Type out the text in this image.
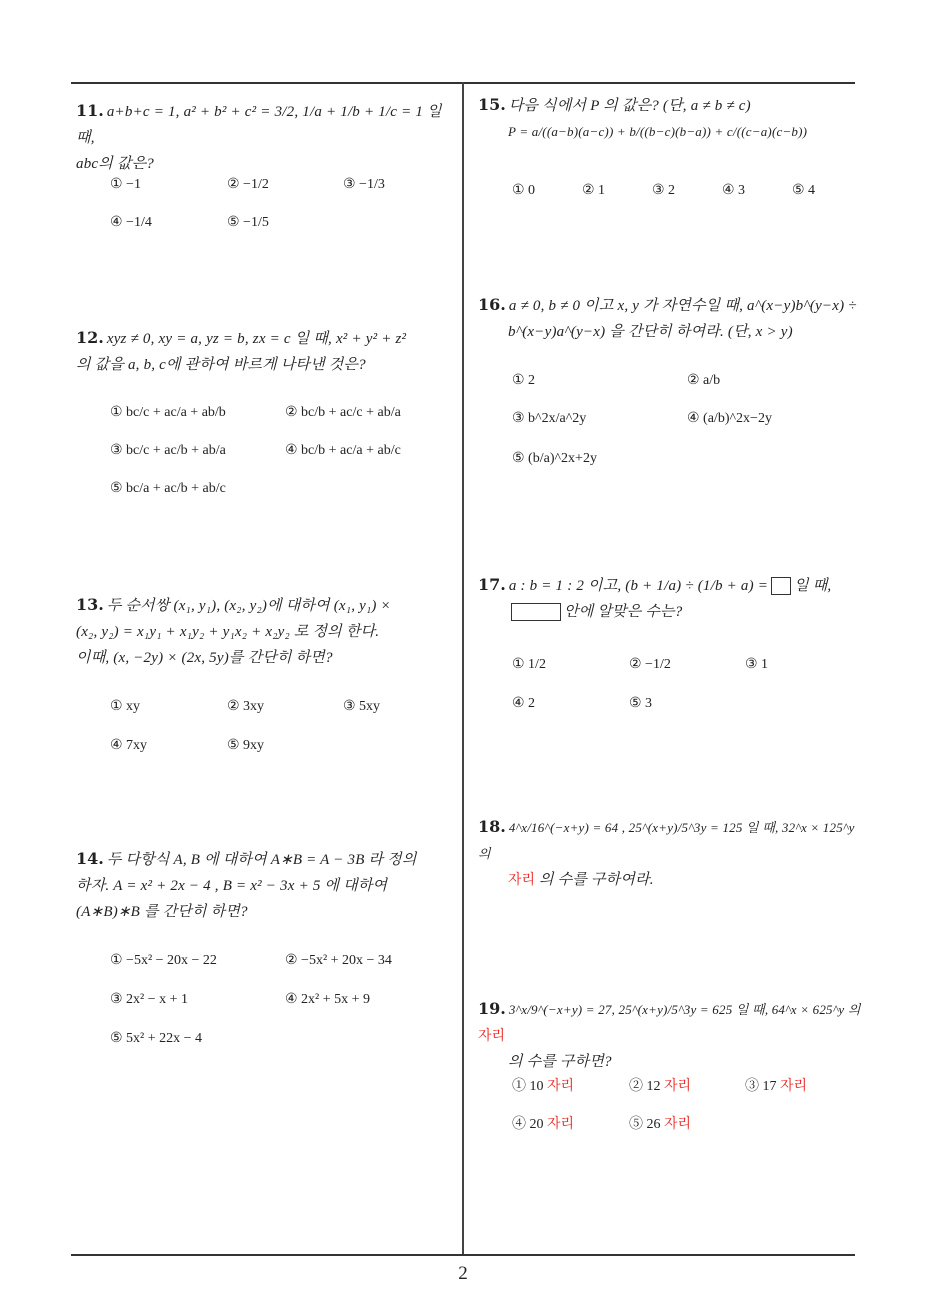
11. a+b+c = 1, a² + b² + c² = 3/2, 1/a + 1/b + 1/c = 1 일 때,
abc의 값은?
① −1	② −1/2	③ −1/3
④ −1/4	⑤ −1/5
12. xyz ≠ 0, xy = a, yz = b, zx = c 일 때, x² + y² + z²
의 값을 a, b, c에 관하여 바르게 나타낸 것은?
① bc/c + ac/a + ab/b	② bc/b + ac/c + ab/a
③ bc/c + ac/b + ab/a	④ bc/b + ac/a + ab/c
⑤ bc/a + ac/b + ab/c
13. 두 순서쌍 (x₁, y₁), (x₂, y₂)에 대하여 (x₁, y₁) ×
(x₂, y₂) = x₁y₁ + x₁y₂ + y₁x₂ + x₂y₂ 로 정의 한다.
이때, (x, −2y) × (2x, 5y)를 간단히 하면?
① xy	② 3xy	③ 5xy
④ 7xy	⑤ 9xy
14. 두 다항식 A, B 에 대하여 A∗B = A − 3B 라 정의
하자. A = x² + 2x − 4 , B = x² − 3x + 5 에 대하여
(A∗B)∗B 를 간단히 하면?
① −5x² − 20x − 22	② −5x² + 20x − 34
③ 2x² − x + 1	④ 2x² + 5x + 9
⑤ 5x² + 22x − 4
15. 다음 식에서 P 의 값은? (단, a ≠ b ≠ c)
P = a/((a−b)(a−c)) + b/((b−c)(b−a)) + c/((c−a)(c−b))
① 0	② 1	③ 2	④ 3	⑤ 4
16. a ≠ 0, b ≠ 0 이고 x, y 가 자연수일 때, a^(x−y)b^(y−x) ÷
b^(x−y)a^(y−x) 을 간단히 하여라. (단, x > y)
① 2	② a/b
③ b^2x/a^2y	④ (a/b)^2x−2y
⑤ (b/a)^2x+2y
17. a : b = 1 : 2 이고, (b + 1/a) ÷ (1/b + a) = 일 때,
안에 알맞은 수는?
① 1/2	② −1/2	③ 1
④ 2	⑤ 3
18. 4^x/16^(−x+y) = 64 , 25^(x+y)/5^3y = 125 일 때, 32^x × 125^y 의
자리 의 수를 구하여라.
19. 3^x/9^(−x+y) = 27, 25^(x+y)/5^3y = 625 일 때, 64^x × 625^y 의 자리
의 수를 구하면?
① 10 자리	② 12 자리	③ 17 자리
④ 20 자리	⑤ 26 자리
2
